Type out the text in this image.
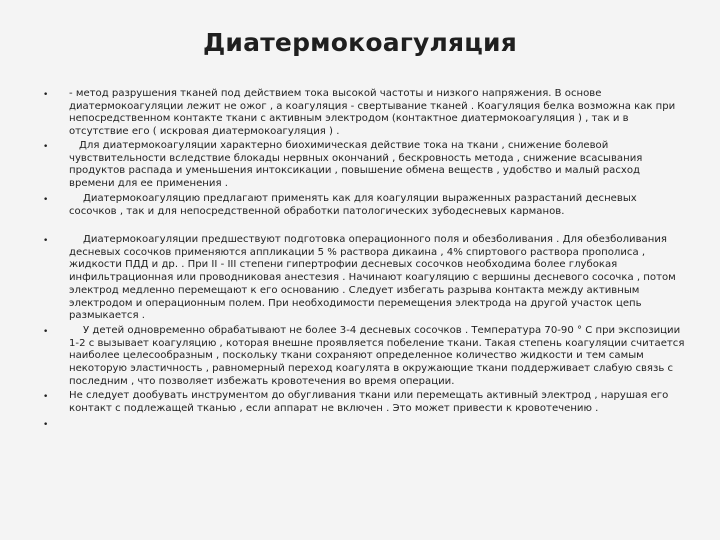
Диатермокоагуляция
• - метод разрушения тканей под действием тока высокой частоты и низкого напряжения. В основе диатермокоагуляции лежит не ожог , а коагуляция - свертывание тканей . Коагуляция белка возможна как при непосредственном контакте ткани с активным электродом (контактное диатермокоагуляция ) , так и в отсутствие его ( искровая диатермокоагуляция ) .
•	Для диатермокоагуляции характерно биохимическая действие тока на ткани , снижение болевой чувствительности вследствие блокады нервных окончаний , бескровность метода , снижение всасывания продуктов распада и уменьшения интоксикации , повышение обмена веществ , удобство и малый расход времени для ее применения .
•	Диатермокоагуляцию предлагают применять как для коагуляции выраженных разрастаний десневых сосочков , так и для непосредственной обработки патологических зубодесневых карманов.
•	Диатермокоагуляции предшествуют подготовка операционного поля и обезболивания . Для обезболивания десневых сосочков применяются аппликации 5 % раствора дикаина , 4% спиртового раствора прополиса , жидкости ПДД и др. . При II - III степени гипертрофии десневых сосочков необходима более глубокая инфильтрационная или проводниковая анестезия . Начинают коагуляцию с вершины десневого сосочка , потом электрод медленно перемещают к его основанию . Следует избегать разрыва контакта между активным электродом и операционным полем. При необходимости перемещения электрода на другой участок цепь размыкается .
•	У детей одновременно обрабатывают не более 3-4 десневых сосочков . Температура 70-90 ° С при экспозиции 1-2 с вызывает коагуляцию , которая внешне проявляется побеление ткани. Такая степень коагуляции считается наиболее целесообразным , поскольку ткани сохраняют определенное количество жидкости и тем самым некоторую эластичность , равномерный переход коагулята в окружающие ткани поддерживает слабую связь с последним , что позволяет избежать кровотечения во время операции.
• Не следует дообувать инструментом до обугливания ткани или перемещать активный электрод , нарушая его контакт с подлежащей тканью , если аппарат не включен . Это может привести к кровотечению .
•
